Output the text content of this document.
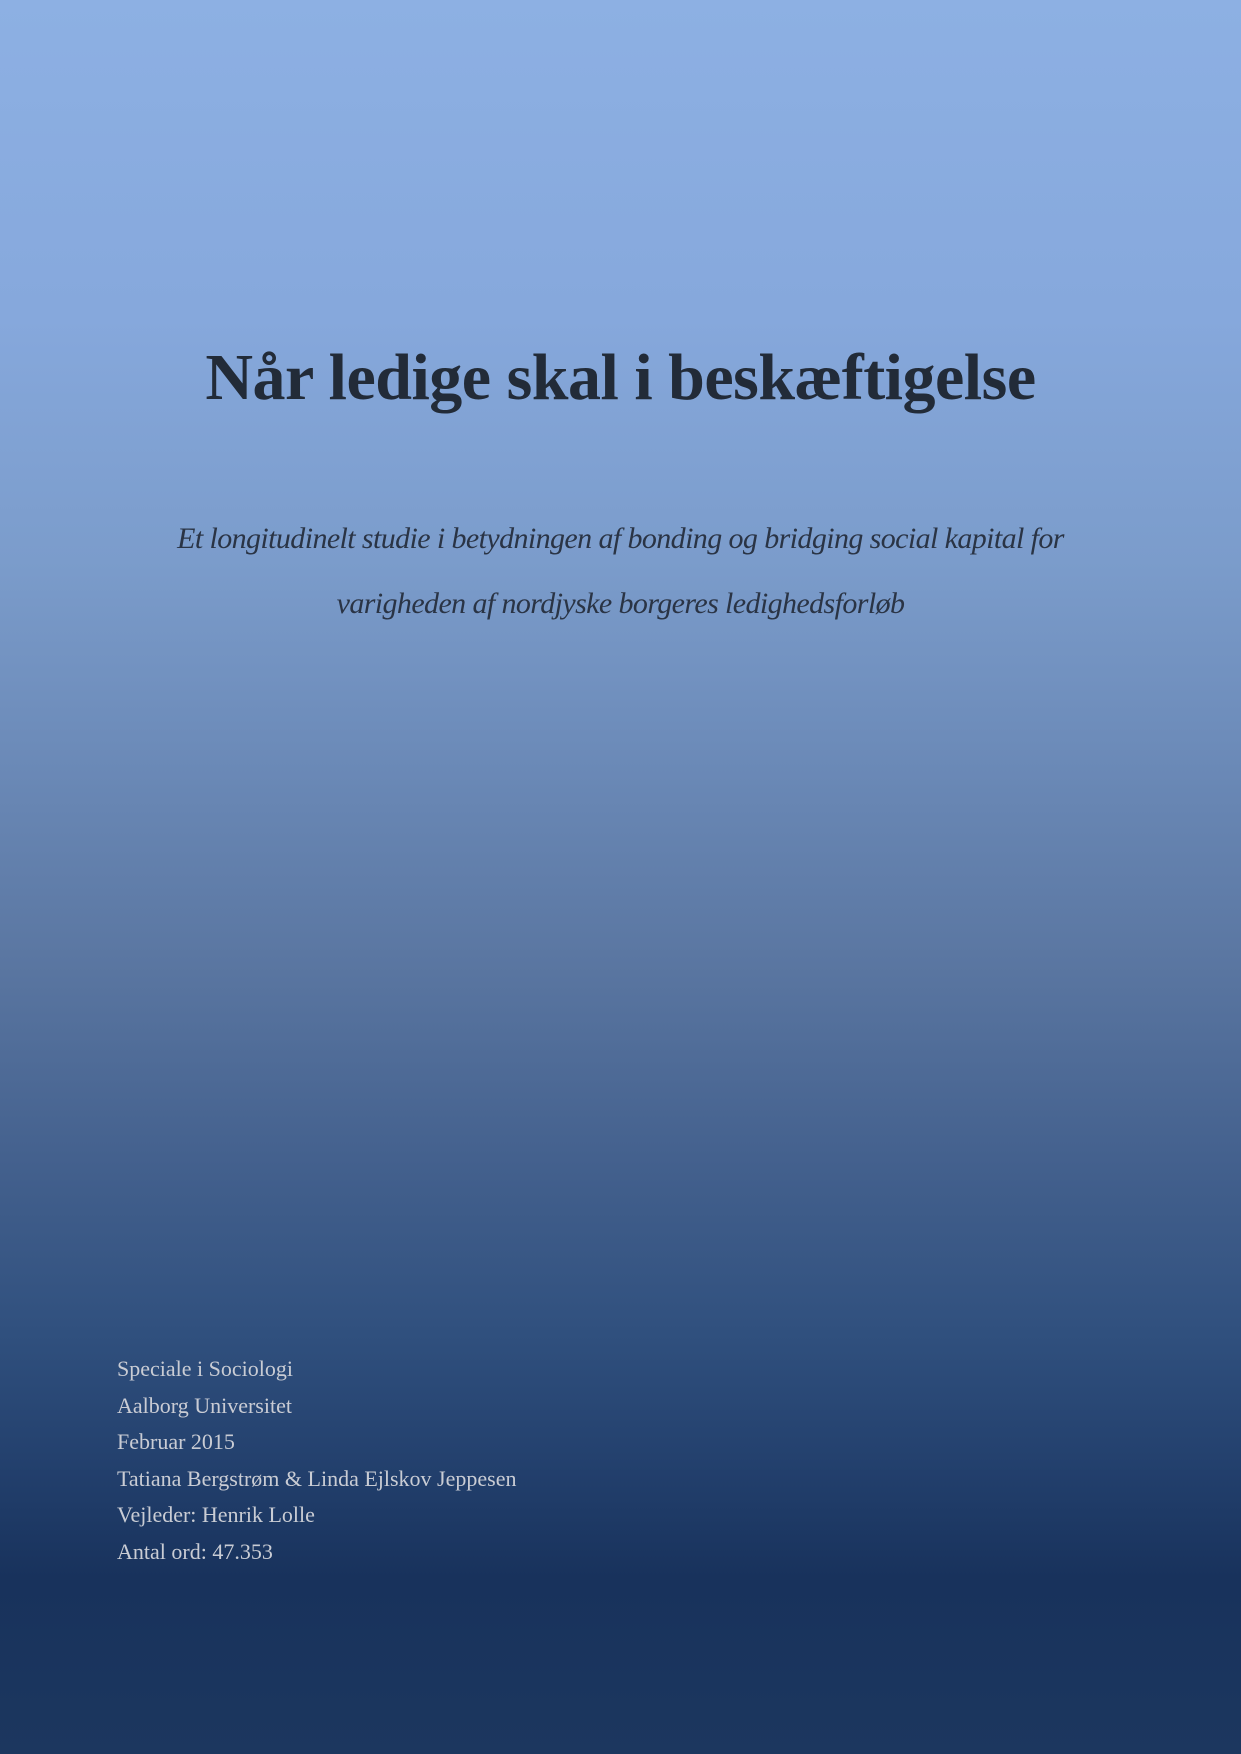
Når ledige skal i beskæftigelse
Et longitudinelt studie i betydningen af bonding og bridging social kapital for
varigheden af nordjyske borgeres ledighedsforløb
Speciale i Sociologi
Aalborg Universitet
Februar 2015
Tatiana Bergstrøm & Linda Ejlskov Jeppesen
Vejleder: Henrik Lolle
Antal ord: 47.353
